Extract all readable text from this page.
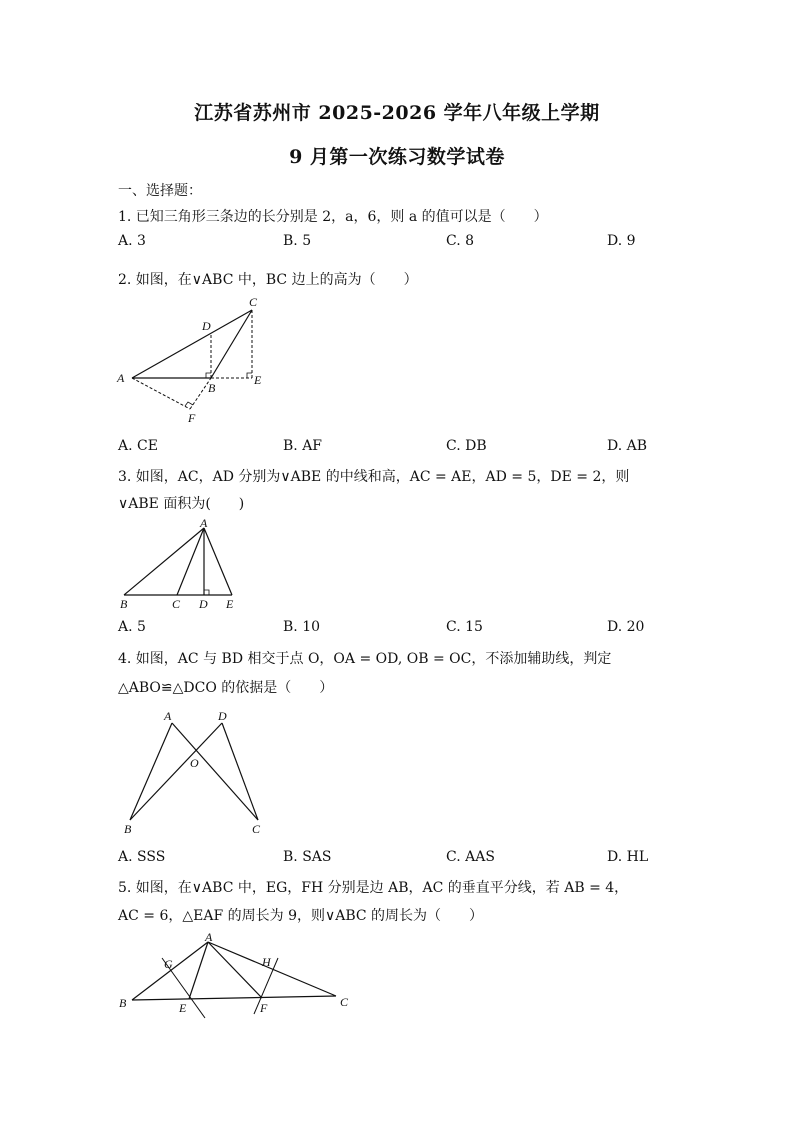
江苏省苏州市 2025-2026 学年八年级上学期
9 月第一次练习数学试卷
一、选择题：
1. 已知三角形三条边的长分别是 2，a，6，则 a 的值可以是（　　）
A. 3	B. 5	C. 8	D. 9
2. 如图，在∨ABC 中，BC 边上的高为（　　）
A
B
C
D
E
F
A. CE	B. AF	C. DB	D. AB
3. 如图，AC，AD 分别为∨ABE 的中线和高，AC = AE，AD = 5，DE = 2，则
∨ABE 面积为(　　)
A
B	C D E
A. 5	B. 10	C. 15	D. 20
4. 如图，AC 与 BD 相交于点 O，OA = OD, OB = OC，不添加辅助线，判定
△ABO≌△DCO 的依据是（　　）
A	D
O
B	C
A. SSS	B. SAS	C. AAS	D. HL
5. 如图，在∨ABC 中，EG，FH 分别是边 AB，AC 的垂直平分线，若 AB = 4，
AC = 6，△EAF 的周长为 9，则∨ABC 的周长为（　　）
A
B	C
E	F
G	H
